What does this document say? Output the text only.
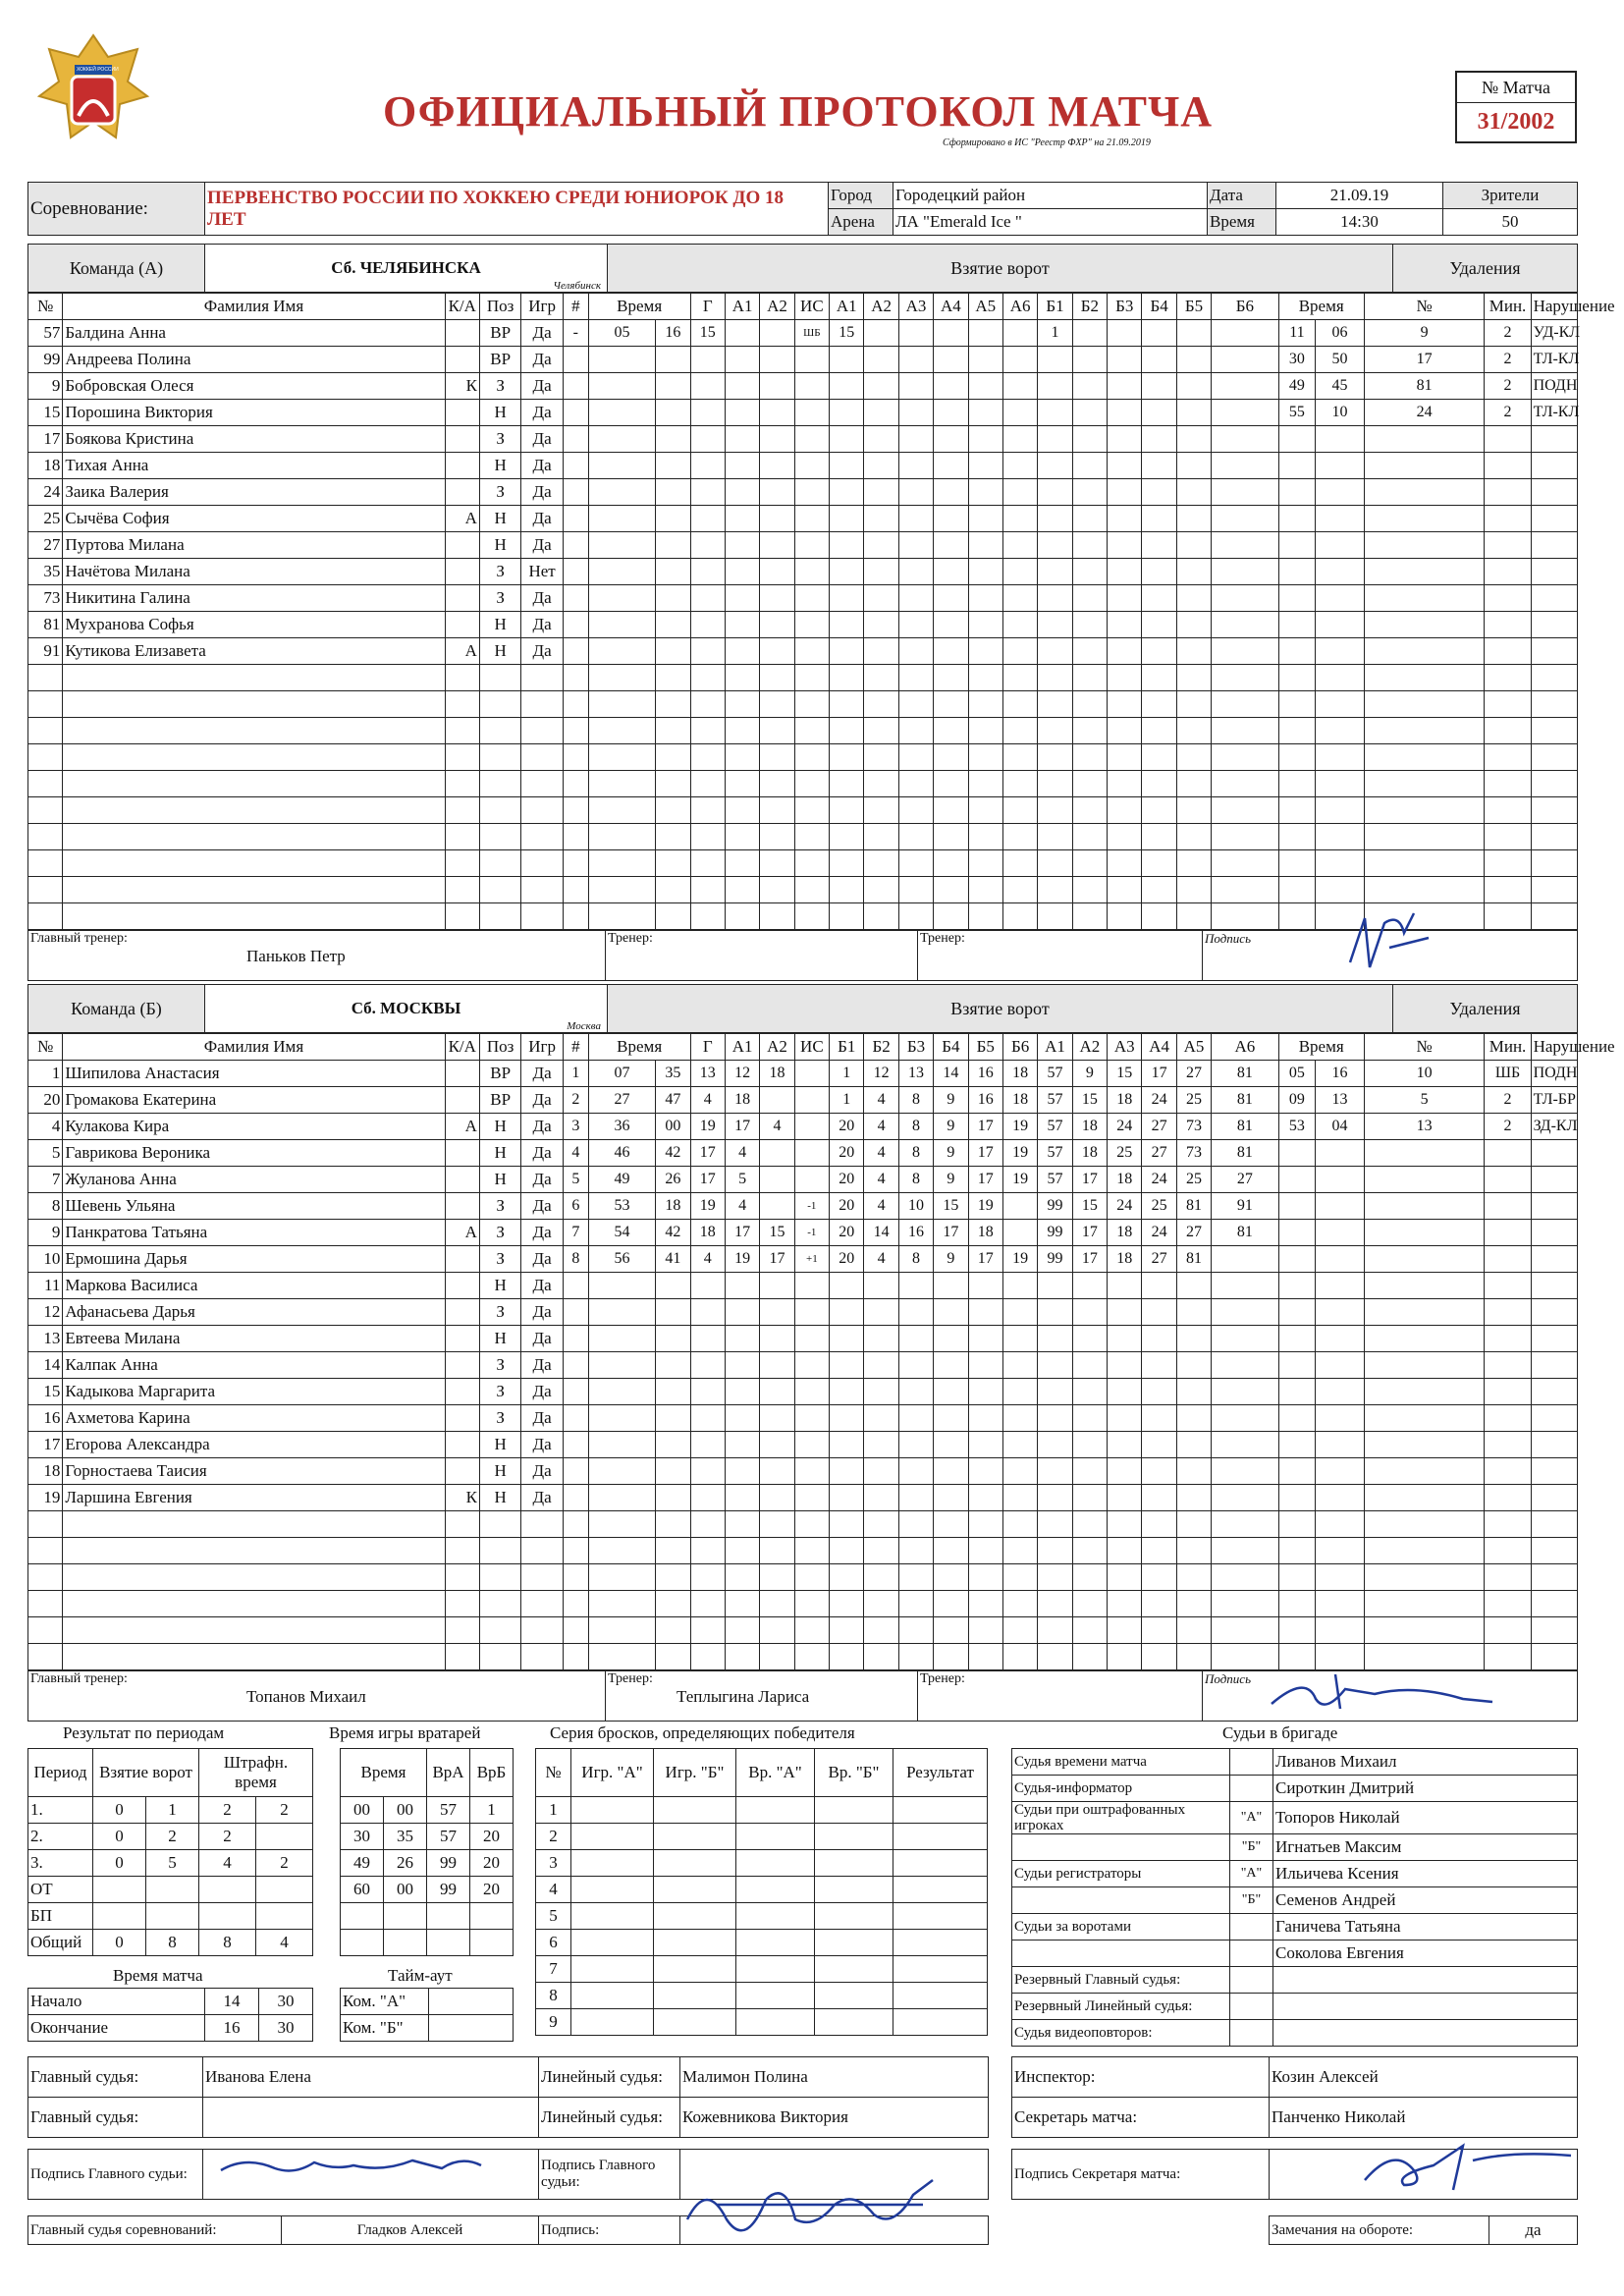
ХОККЕЙ РОССИИ
ОФИЦИАЛЬНЫЙ ПРОТОКОЛ МАТЧА
Сформировано в ИС "Реестр ФХР" на 21.09.2019
№ Матча
31/2002
Соревнование:	ПЕРВЕНСТВО РОССИИ ПО ХОККЕЮ СРЕДИ ЮНИОРОК ДО 18 ЛЕТ	Город	Городецкий район	Дата	21.09.19	Зрители
		Арена	ЛА "Emerald Ice "	Время	14:30	50
Команда (А)	Сб. ЧЕЛЯБИНСКА
Челябинск
	Взятие ворот	Удаления
№	Фамилия Имя	К/А	Поз	Игр	#	Время		Г	А1	А2	ИС	А1	А2	А3	А4	А5	А6	Б1	Б2	Б3	Б4	Б5	Б6	Время		№	Мин.	Нарушение		
57	Балдина Анна		ВР	Да	-	05	16	15			ШБ	15						1						11	06	9	2	УД-КЛ				
99	Андреева Полина		ВР	Да																				30	50	17	2	ТЛ-КЛ				
9	Бобровская Олеся	К	З	Да																				49	45	81	2	ПОДН				
15	Порошина Виктория		Н	Да																				55	10	24	2	ТЛ-КЛ				
17	Боякова Кристина		З	Да																												
18	Тихая Анна		Н	Да																												
24	Заика Валерия		З	Да																												
25	Сычёва София	А	Н	Да																												
27	Пуртова Милана		Н	Да																												
35	Начётова Милана		З	Нет																												
73	Никитина Галина		З	Да																												
81	Мухранова Софья		Н	Да																												
91	Кутикова Елизавета	А	Н	Да																												

Главный тренер:
Паньков Петр

Тренер:	Тренер:	Подпись
Команда (Б)	Сб. МОСКВЫ
Москва
	Взятие ворот	Удаления
№	Фамилия Имя	К/А	Поз	Игр	#	Время		Г	А1	А2	ИС	Б1	Б2	Б3	Б4	Б5	Б6	А1	А2	А3	А4	А5	А6	Время		№	Мин.	Нарушение		
1	Шипилова Анастасия		ВР	Да	1	07	35	13	12	18		1	12	13	14	16	18	57	9	15	17	27	81	05	16	10	ШБ	ПОДН				
20	Громакова Екатерина		ВР	Да	2	27	47	4	18			1	4	8	9	16	18	57	15	18	24	25	81	09	13	5	2	ТЛ-БР				
4	Кулакова Кира	А	Н	Да	3	36	00	19	17	4		20	4	8	9	17	19	57	18	24	27	73	81	53	04	13	2	ЗД-КЛ				
5	Гаврикова Вероника		Н	Да	4	46	42	17	4			20	4	8	9	17	19	57	18	25	27	73	81									
7	Жуланова Анна		Н	Да	5	49	26	17	5			20	4	8	9	17	19	57	17	18	24	25	27									
8	Шевень Ульяна		З	Да	6	53	18	19	4		-1	20	4	10	15	19		99	15	24	25	81	91									
9	Панкратова Татьяна	А	З	Да	7	54	42	18	17	15	-1	20	14	16	17	18		99	17	18	24	27	81									
10	Ермошина Дарья		З	Да	8	56	41	4	19	17	+1	20	4	8	9	17	19	99	17	18	27	81										
11	Маркова Василиса		Н	Да																												
12	Афанасьева Дарья		З	Да																												
13	Евтеева Милана		Н	Да																												
14	Калпак Анна		З	Да																												
15	Кадыкова Маргарита		З	Да																												
16	Ахметова Карина		З	Да																												
17	Егорова Александра		Н	Да																												
18	Горностаева Таисия		Н	Да																												
19	Ларшина Евгения	К	Н	Да																												

Главный тренер:
Топанов Михаил

Тренер:
Теплыгина Лариса

Тренер:	Подпись
Результат по периодам
Период	Взятие ворот		Штрафн. время	
1.	0	1	2	2
2.	0	2	2	
3.	0	5	4	2
ОТ				
БП				
Общий	0	8	8	4
Время игры вратарей
Время		ВрА	ВрБ
00	00	57	1
30	35	57	20
49	26	99	20
60	00	99	20

Серия бросков, определяющих победителя
№	Игр. "А"	Игр. "Б"	Вр. "А"	Вр. "Б"	Результат
1					
2					
3					
4					
5					
6					
7					
8					
9					
Время матча
Начало	14	30
Окончание	16	30
Тайм-аут
Ком. "А"	
Ком. "Б"	
Судьи в бригаде
Судья времени матча		Ливанов Михаил
Судья-информатор		Сироткин Дмитрий
Судьи при оштрафованных игроках	"А"	Топоров Николай
	"Б"	Игнатьев Максим
Судьи регистраторы	"А"	Ильичева Ксения
	"Б"	Семенов Андрей
Судьи за воротами		Ганичева Татьяна
		Соколова Евгения
Резервный Главный судья:		
Резервный Линейный судья:		
Судья видеоповторов:		
Главный судья:	Иванова Елена	Линейный судья:	Малимон Полина
Главный судья:		Линейный судья:	Кожевникова Виктория
Инспектор:	Козин Алексей
Секретарь матча:	Панченко Николай
Подпись Главного судьи:		Подпись Главного судьи:	
Подпись Секретаря матча:	
Главный судья соревнований:	Гладков Алексей	Подпись:		Замечания на обороте:	да
